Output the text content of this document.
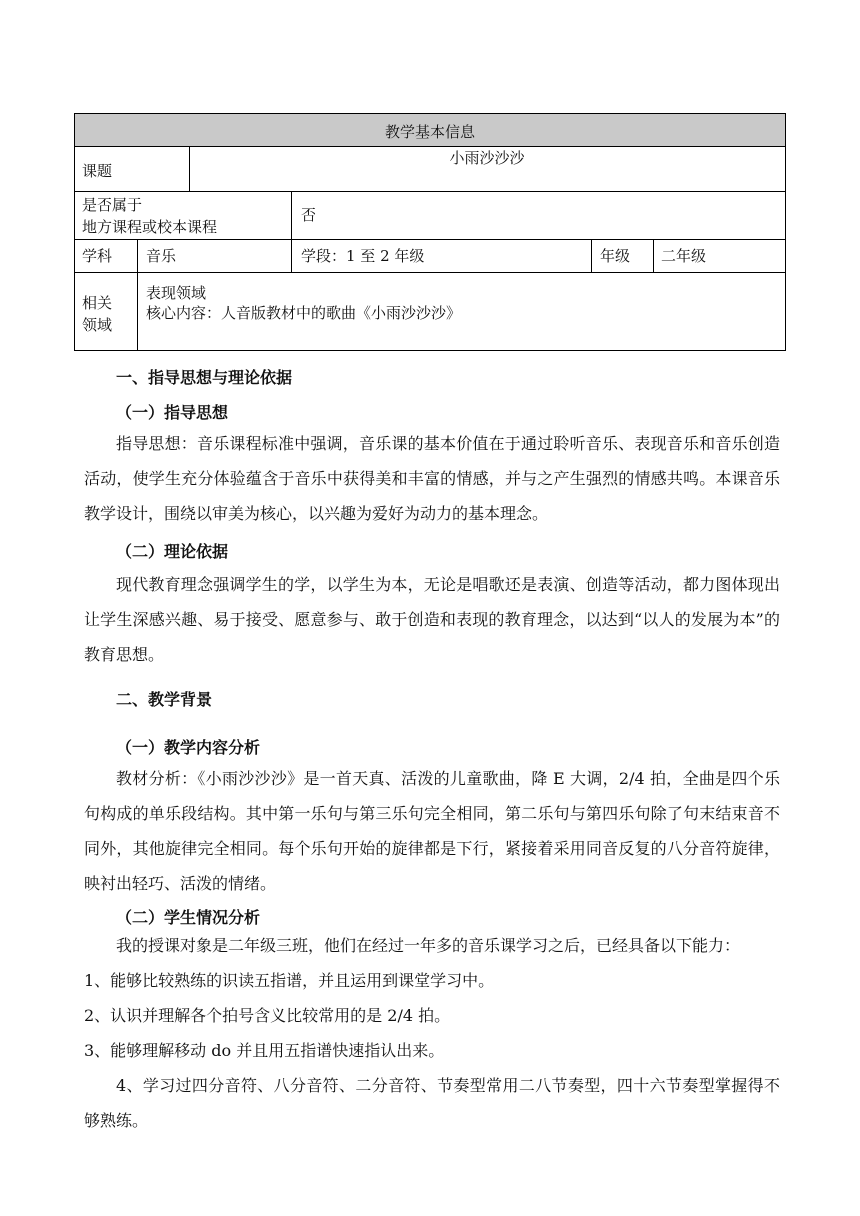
教学基本信息
课题
小雨沙沙沙
是否属于
地方课程或校本课程
否
学科 音乐	学段：1 至 2 年级	年级 二年级
相关
领域
表现领域
核心内容：人音版教材中的歌曲《小雨沙沙沙》
一、指导思想与理论依据
（一）指导思想
指导思想：音乐课程标准中强调，音乐课的基本价值在于通过聆听音乐、表现音乐和音乐创造活动，使学生充分体验蕴含于音乐中获得美和丰富的情感，并与之产生强烈的情感共鸣。本课音乐教学设计，围绕以审美为核心，以兴趣为爱好为动力的基本理念。
（二）理论依据
现代教育理念强调学生的学，以学生为本，无论是唱歌还是表演、创造等活动，都力图体现出让学生深感兴趣、易于接受、愿意参与、敢于创造和表现的教育理念，以达到“以人的发展为本”的教育思想。
二、教学背景
（一）教学内容分析
教材分析：《小雨沙沙沙》是一首天真、活泼的儿童歌曲，降 E 大调，2/4 拍，全曲是四个乐句构成的单乐段结构。其中第一乐句与第三乐句完全相同，第二乐句与第四乐句除了句末结束音不同外，其他旋律完全相同。每个乐句开始的旋律都是下行，紧接着采用同音反复的八分音符旋律，映衬出轻巧、活泼的情绪。
（二）学生情况分析
我的授课对象是二年级三班，他们在经过一年多的音乐课学习之后，已经具备以下能力：
1、能够比较熟练的识读五指谱，并且运用到课堂学习中。
2、认识并理解各个拍号含义比较常用的是 2/4 拍。
3、能够理解移动 do 并且用五指谱快速指认出来。
4、学习过四分音符、八分音符、二分音符、节奏型常用二八节奏型，四十六节奏型掌握得不够熟练。
